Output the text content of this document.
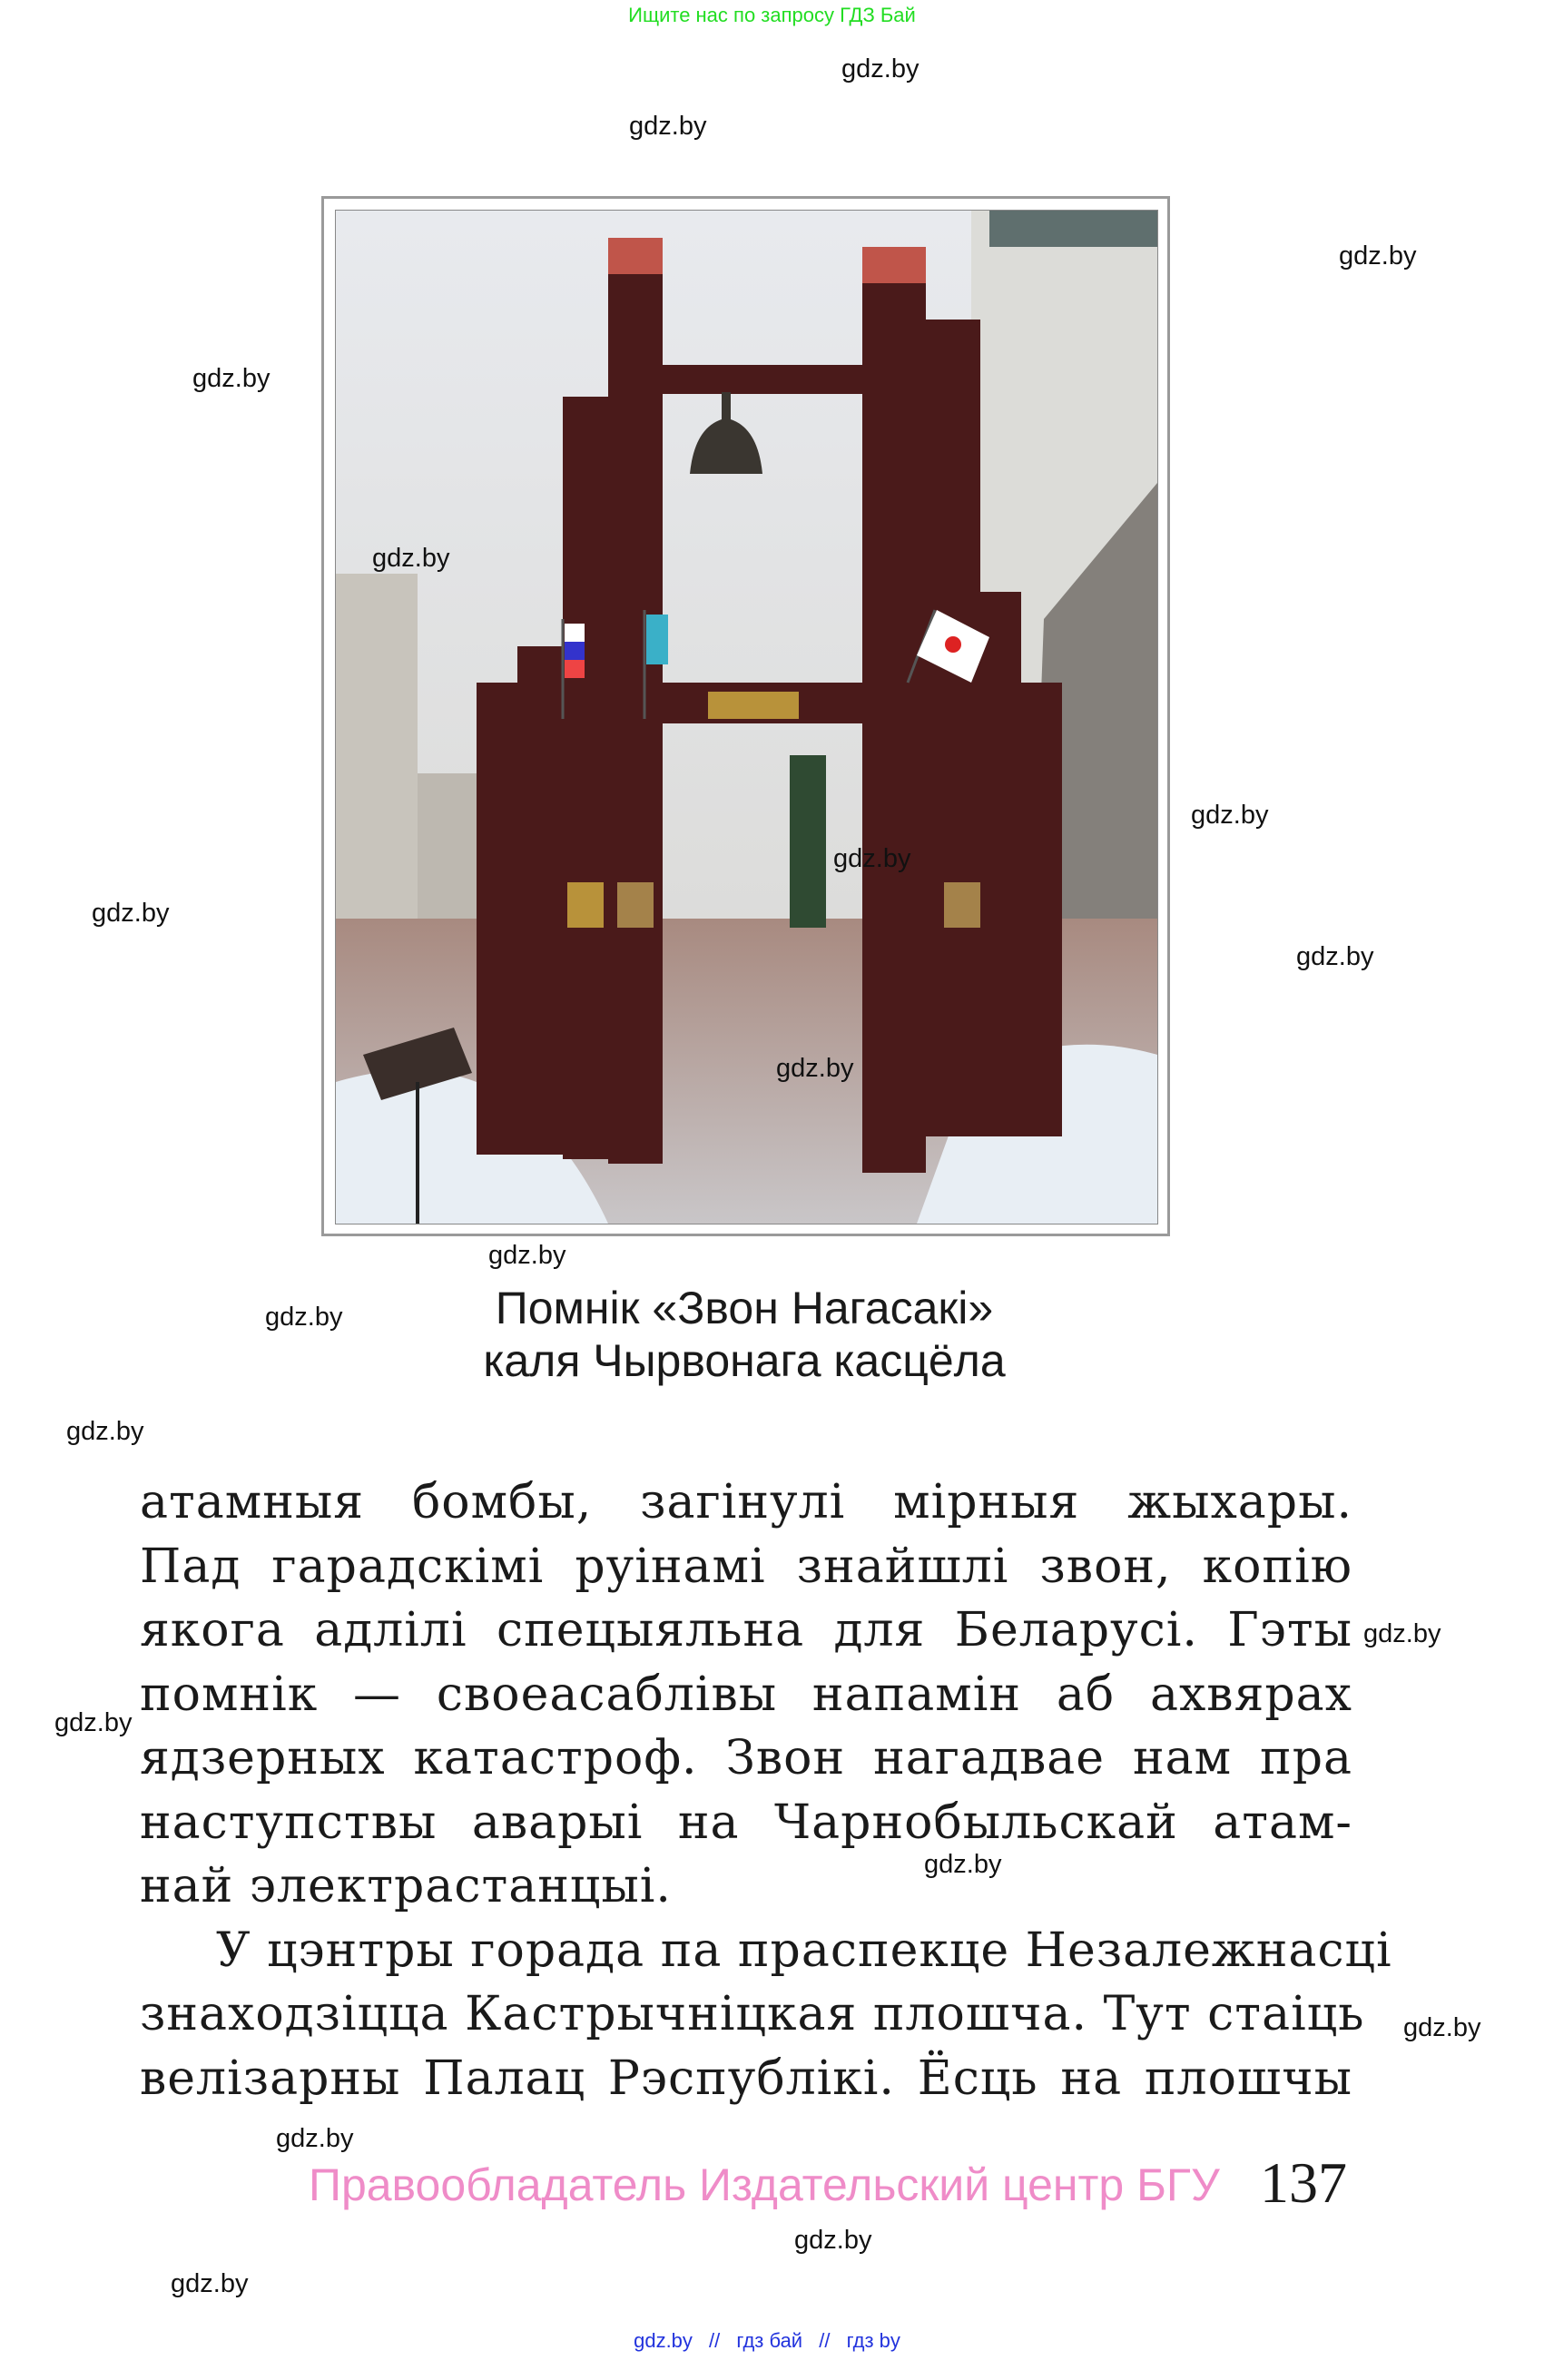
Ищите нас по запросу ГДЗ Бай
Помнік «Звон Нагасакі»
каля Чырвонага касцёла
атамныя бомбы, загінулі мірныя жыхары.
Пад гарадскімі руінамі знайшлі звон, копію
якога адлілі спецыяльна для Беларусі. Гэты
помнік — своеасаблівы напамін аб ахвярах
ядзерных катастроф. Звон нагадвае нам пра
наступствы аварыі на Чарнобыльскай атам-
най электрастанцыі.
У цэнтры горада па праспекце Незалежнасці
знаходзіцца Кастрычніцкая плошча. Тут стаіць
велізарны Палац Рэспублікі. Ёсць на плошчы
Правообладатель Издательский центр БГУ 137
gdz.by // гдз бай // гдз by
gdz.by
gdz.by
gdz.by
gdz.by
gdz.by
gdz.by
gdz.by
gdz.by
gdz.by
gdz.by
gdz.by
gdz.by
gdz.by
gdz.by
gdz.by
gdz.by
gdz.by
gdz.by
gdz.by
gdz.by
